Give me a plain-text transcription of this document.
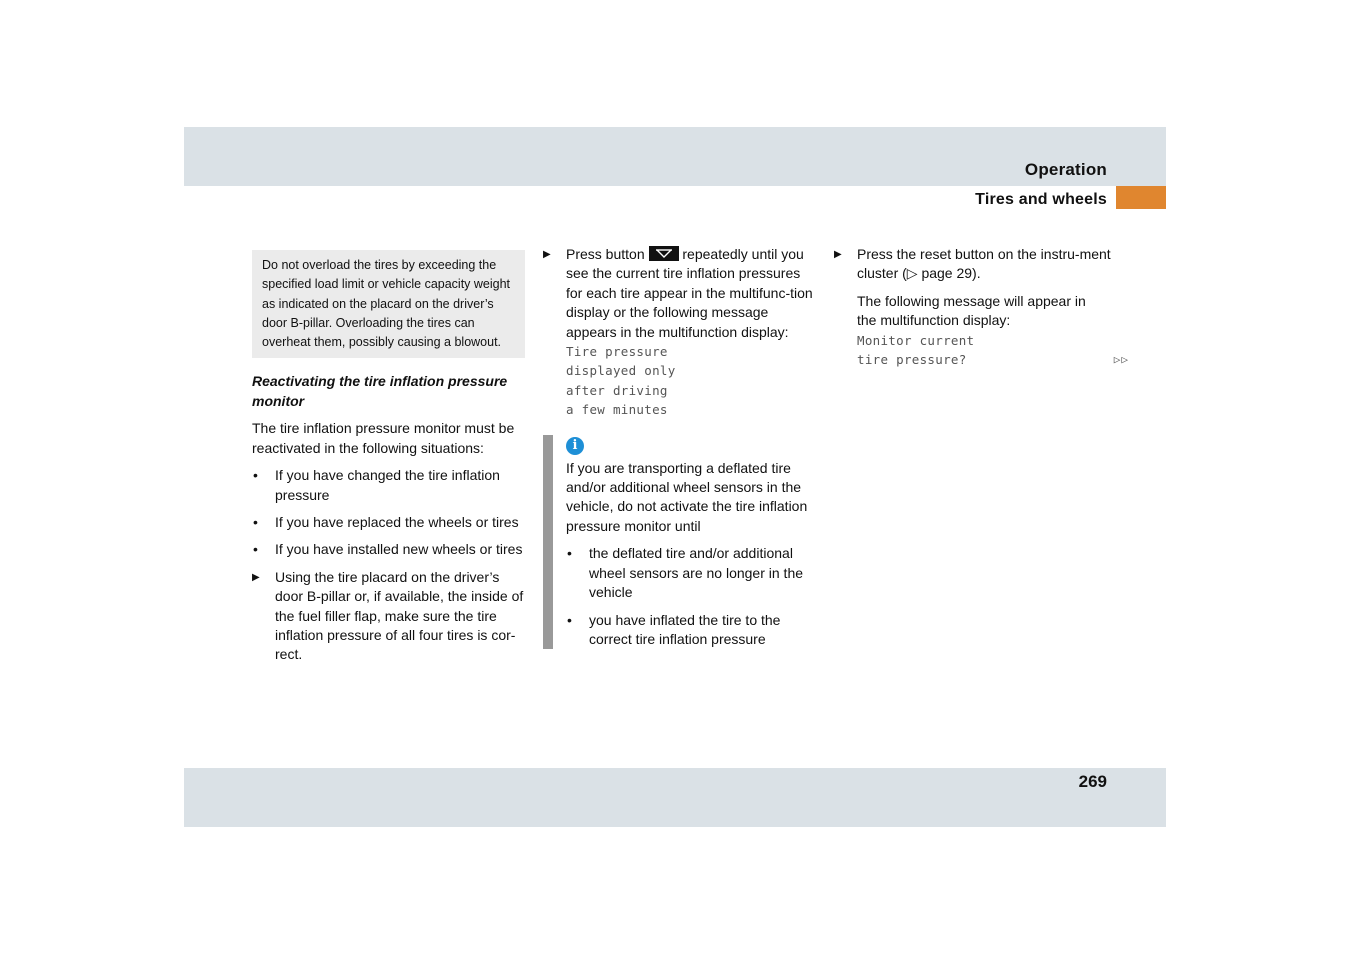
Operation
Tires and wheels

Do not overload the tires by exceeding the specified load limit or vehicle capacity weight as indicated on the placard on the driver’s door B-pillar. Overloading the tires can overheat them, possibly causing a blowout.

Reactivating the tire inflation pressure monitor

The tire inflation pressure monitor must be reactivated in the following situations:

• If you have changed the tire inflation pressure
• If you have replaced the wheels or tires
• If you have installed new wheels or tires
▶ Using the tire placard on the driver’s door B-pillar or, if available, the inside of the fuel filler flap, make sure the tire inflation pressure of all four tires is cor-rect.
▶ Press button	repeatedly until you see the current tire inflation pressures for each tire appear in the multifunc-tion display or the following message appears in the multifunction display:
Tire pressure
displayed only
after driving
a few minutes
i

If you are transporting a deflated tire and/or additional wheel sensors in the vehicle, do not activate the tire inflation pressure monitor until

• the deflated tire and/or additional wheel sensors are no longer in the vehicle
• you have inflated the tire to the correct tire inflation pressure
▶ Press the reset button on the instru-ment cluster (▷ page 29).

The following message will appear in the multifunction display:

Monitor current
tire pressure?	▷▷
269
